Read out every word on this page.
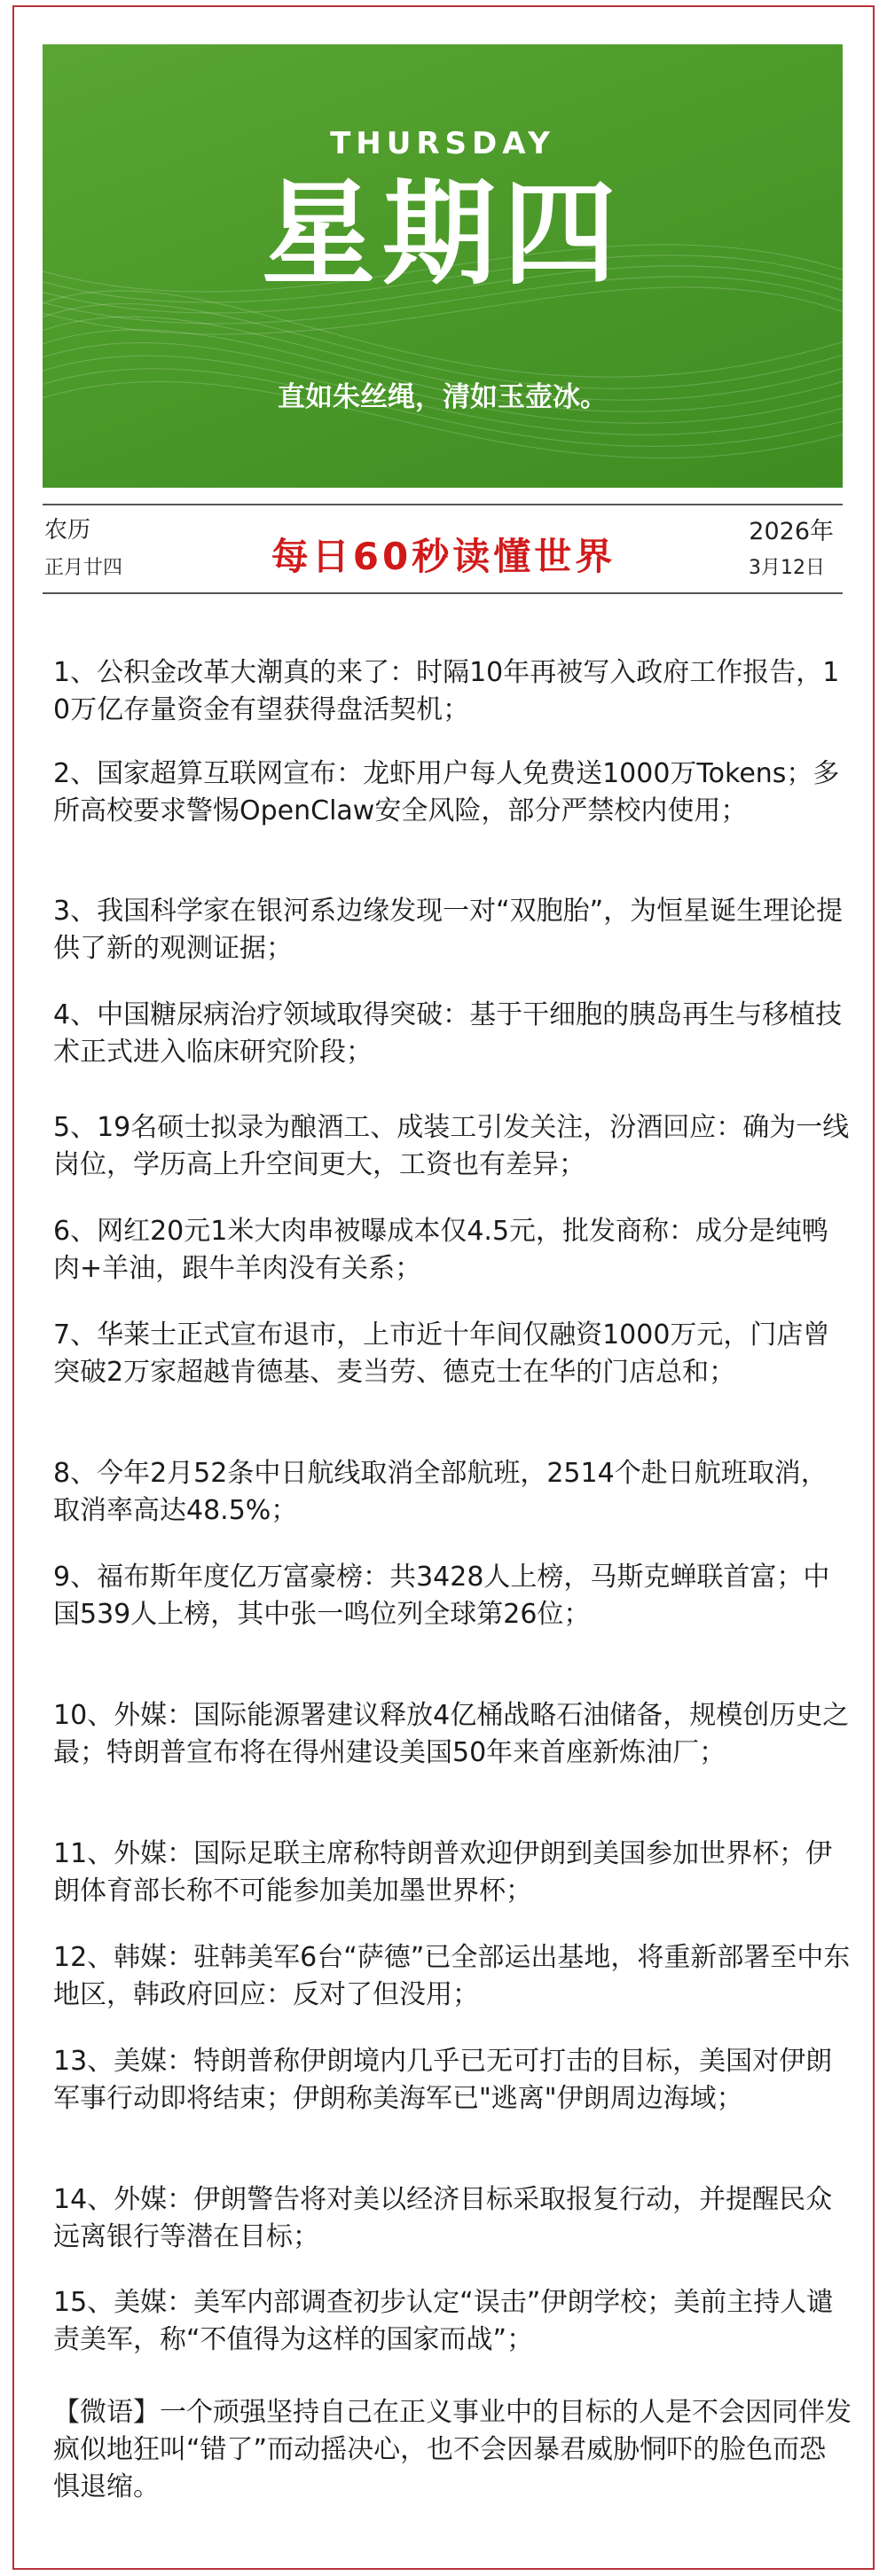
THURSDAY
星期四
直如朱丝绳，清如玉壶冰。
农历
正月廿四	每日60秒读懂世界
2026年
3月12日
1、公积金改革大潮真的来了：时隔10年再被写入政府工作报告，10万亿存量资金有望获得盘活契机；
2、国家超算互联网宣布：龙虾用户每人免费送1000万Tokens；多所高校要求警惕OpenClaw安全风险，部分严禁校内使用；
3、我国科学家在银河系边缘发现一对“双胞胎”，为恒星诞生理论提供了新的观测证据；
4、中国糖尿病治疗领域取得突破：基于干细胞的胰岛再生与移植技术正式进入临床研究阶段；
5、19名硕士拟录为酿酒工、成装工引发关注，汾酒回应：确为一线岗位，学历高上升空间更大，工资也有差异；
6、网红20元1米大肉串被曝成本仅4.5元，批发商称：成分是纯鸭肉+羊油，跟牛羊肉没有关系；
7、华莱士正式宣布退市，上市近十年间仅融资1000万元，门店曾突破2万家超越肯德基、麦当劳、德克士在华的门店总和；
8、今年2月52条中日航线取消全部航班，2514个赴日航班取消，取消率高达48.5%；
9、福布斯年度亿万富豪榜：共3428人上榜，马斯克蝉联首富；中国539人上榜，其中张一鸣位列全球第26位；
10、外媒：国际能源署建议释放4亿桶战略石油储备，规模创历史之最；特朗普宣布将在得州建设美国50年来首座新炼油厂；
11、外媒：国际足联主席称特朗普欢迎伊朗到美国参加世界杯；伊朗体育部长称不可能参加美加墨世界杯；
12、韩媒：驻韩美军6台“萨德”已全部运出基地，将重新部署至中东地区，韩政府回应：反对了但没用；
13、美媒：特朗普称伊朗境内几乎已无可打击的目标，美国对伊朗军事行动即将结束；伊朗称美海军已"逃离"伊朗周边海域；
14、外媒：伊朗警告将对美以经济目标采取报复行动，并提醒民众远离银行等潜在目标；
15、美媒：美军内部调查初步认定“误击”伊朗学校；美前主持人谴责美军，称“不值得为这样的国家而战”；
【微语】一个顽强坚持自己在正义事业中的目标的人是不会因同伴发疯似地狂叫“错了”而动摇决心，也不会因暴君威胁恫吓的脸色而恐惧退缩。
